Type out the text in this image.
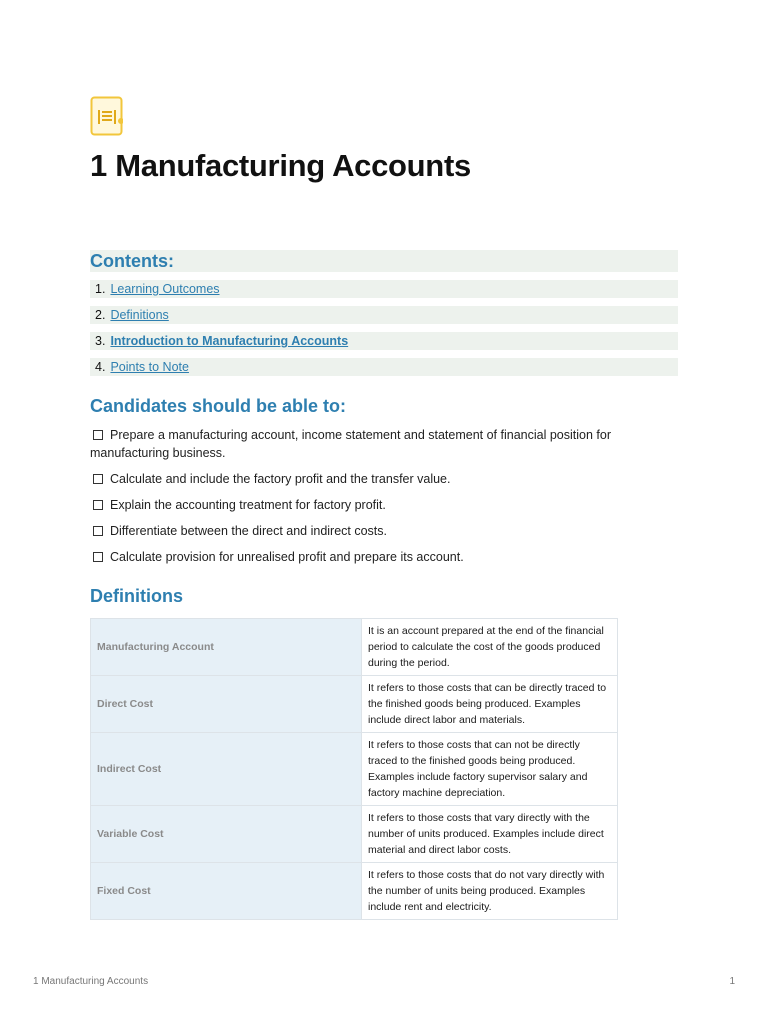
1 Manufacturing Accounts
Contents:
1. Learning Outcomes
2. Definitions
3. Introduction to Manufacturing Accounts
4. Points to Note
Candidates should be able to:
Prepare a manufacturing account, income statement and statement of financial position for manufacturing business.
Calculate and include the factory profit and the transfer value.
Explain the accounting treatment for factory profit.
Differentiate between the direct and indirect costs.
Calculate provision for unrealised profit and prepare its account.
Definitions
Manufacturing Account	It is an account prepared at the end of the financial period to calculate the cost of the goods produced during the period.
Direct Cost	It refers to those costs that can be directly traced to the finished goods being produced. Examples include direct labor and materials.
Indirect Cost	It refers to those costs that can not be directly traced to the finished goods being produced. Examples include factory supervisor salary and factory machine depreciation.
Variable Cost	It refers to those costs that vary directly with the number of units produced. Examples include direct material and direct labor costs.
Fixed Cost	It refers to those costs that do not vary directly with the number of units being produced. Examples include rent and electricity.
1 Manufacturing Accounts	1
